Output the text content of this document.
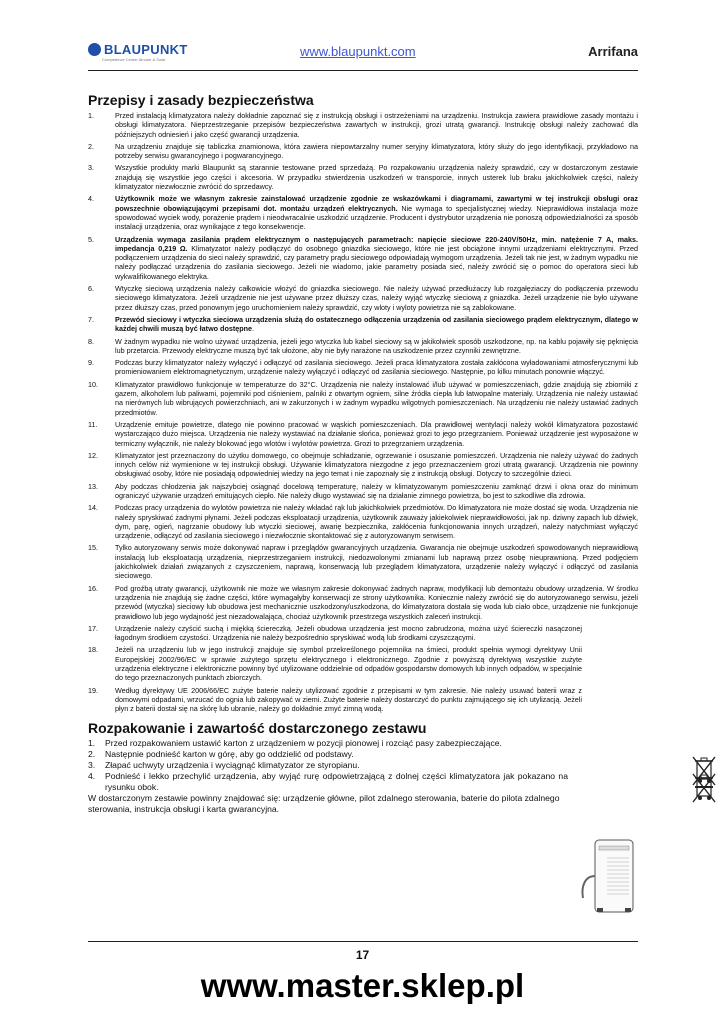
BLAUPUNKT
Competence Center Aircare & Solar
www.blaupunkt.com	Arrifana
Przepisy i zasady bezpieczeństwa
1.	Przed instalacją klimatyzatora należy dokładnie zapoznać się z instrukcją obsługi i ostrzeżeniami na urządzeniu. Instrukcja zawiera prawidłowe zasady montażu i obsługi klimatyzatora. Nieprzestrzeganie przepisów bezpieczeństwa zawartych w instrukcji, grozi utratą gwarancji. Instrukcję obsługi należy zachować dla późniejszych odniesień i jako część gwarancji urządzenia.
2.	Na urządzeniu znajduje się tabliczka znamionowa, która zawiera niepowtarzalny numer seryjny klimatyzatora, który służy do jego identyfikacji, przykładowo na potrzeby serwisu gwarancyjnego i pogwarancyjnego.
3.	Wszystkie produkty marki Blaupunkt są starannie testowane przed sprzedażą. Po rozpakowaniu urządzenia należy sprawdzić, czy w dostarczonym zestawie znajdują się wszystkie jego części i akcesoria. W przypadku stwierdzenia uszkodzeń w transporcie, innych usterek lub braku jakichkolwiek części, należy klimatyzator niezwłocznie zwrócić do sprzedawcy.
4.	Użytkownik może we własnym zakresie zainstalować urządzenie zgodnie ze wskazówkami i diagramami, zawartymi w tej instrukcji obsługi oraz powszechnie obowiązującymi przepisami dot. montażu urządzeń elektrycznych. Nie wymaga to specjalistycznej wiedzy. Nieprawidłowa instalacja może spowodować wyciek wody, porażenie prądem i nieodwracalnie uszkodzić urządzenie. Producent i dystrybutor urządzenia nie ponoszą odpowiedzialności za sposób instalacji urządzenia, oraz wynikające z tego konsekwencje.
5.	Urządzenia wymaga zasilania prądem elektrycznym o następujących parametrach: napięcie sieciowe 220-240V/50Hz, min. natężenie 7 A, maks. impedancja 0,219 Ω. Klimatyzator należy podłączyć do osobnego gniazdka sieciowego, które nie jest obciążone innymi urządzeniami elektrycznymi. Przed podłączeniem urządzenia do sieci należy sprawdzić, czy parametry prądu sieciowego odpowiadają wymogom urządzenia. Jeżeli tak nie jest, w żadnym wypadku nie należy podłączać urządzenia do zasilania sieciowego. Jeżeli nie wiadomo, jakie parametry posiada sieć, należy zwrócić się o pomoc do operatora sieci lub wykwalifikowanego elektryka.
6.	Wtyczkę sieciową urządzenia należy całkowicie włożyć do gniazdka sieciowego. Nie należy używać przedłużaczy lub rozgałęziaczy do podłączenia przewodu sieciowego klimatyzatora. Jeżeli urządzenie nie jest używane przez dłuższy czas, należy wyjąć wtyczkę sieciową z gniazdka. Jeżeli urządzenie nie było używane przez dłuższy czas, przed ponownym jego uruchomieniem należy sprawdzić, czy wloty i wyloty powietrza nie są zablokowane.
7.	Przewód sieciowy i wtyczka sieciowa urządzenia służą do ostatecznego odłączenia urządzenia od zasilania sieciowego prądem elektrycznym, dlatego w każdej chwili muszą być łatwo dostępne.
8.	W żadnym wypadku nie wolno używać urządzenia, jeżeli jego wtyczka lub kabel sieciowy są w jakikolwiek sposób uszkodzone, np. na kablu pojawiły się pęknięcia lub przetarcia. Przewody elektryczne muszą być tak ułożone, aby nie były narażone na uszkodzenie przez czynniki zewnętrzne.
9.	Podczas burzy klimatyzator należy wyłączyć i odłączyć od zasilania sieciowego. Jeżeli praca klimatyzatora została zakłócona wyładowaniami atmosferycznymi lub promieniowaniem elektromagnetycznym, urządzenie należy wyłączyć i odłączyć od zasilania sieciowego. Następnie, po kilku minutach ponownie włączyć.
10. Klimatyzator prawidłowo funkcjonuje w temperaturze do 32°C. Urządzenia nie należy instalować i/lub używać w pomieszczeniach, gdzie znajdują się zbiorniki z gazem, alkoholem lub paliwami, pojemniki pod ciśnieniem, palniki z otwartym ogniem, silne źródła ciepła lub łatwopalne materiały. Urządzenia nie należy ustawiać na nierównych lub wibrujących powierzchniach, ani w zakurzonych i w żadnym wypadku wilgotnych pomieszczeniach. Na urządzeniu nie należy ustawiać żadnych przedmiotów.
11. Urządzenie emituje powietrze, dlatego nie powinno pracować w wąskich pomieszczeniach. Dla prawidłowej wentylacji należy wokół klimatyzatora pozostawić wystarczająco dużo miejsca. Urządzenia nie należy wystawiać na działanie słońca, ponieważ grozi to jego przegrzaniem. Ponieważ urządzenie jest wyposażone w termiczny wyłącznik, nie należy blokować jego wlotów i wylotów powietrza. Grozi to przegrzaniem urządzenia.
12. Klimatyzator jest przeznaczony do użytku domowego, co obejmuje schładzanie, ogrzewanie i osuszanie pomieszczeń. Urządzenia nie należy używać do żadnych innych celów niż wymienione w tej instrukcji obsługi. Używanie klimatyzatora niezgodne z jego przeznaczeniem grozi utratą gwarancji. Urządzenia nie powinny obsługiwać osoby, które nie posiadają odpowiedniej wiedzy na jego temat i nie zapoznały się z instrukcją obsługi. Dotyczy to szczególnie dzieci.
13. Aby podczas chłodzenia jak najszybciej osiągnąć docelową temperaturę, należy w klimatyzowanym pomieszczeniu zamknąć drzwi i okna oraz do minimum ograniczyć używanie urządzeń emitujących ciepło. Nie należy długo wystawiać się na działanie zimnego powietrza, bo jest to szkodliwe dla zdrowia.
14. Podczas pracy urządzenia do wylotów powietrza nie należy wkładać rąk lub jakichkolwiek przedmiotów. Do klimatyzatora nie może dostać się woda. Urządzenia nie należy spryskiwać żadnymi płynami. Jeżeli podczas eksploatacji urządzenia, użytkownik zauważy jakiekolwiek nieprawidłowości, jak np. dziwny zapach lub dźwięk, dym, parę, ogień, nagrzanie obudowy lub wtyczki sieciowej, awarię bezpiecznika, zakłócenia funkcjonowania innych urządzeń, należy natychmiast wyłączyć urządzenie, odłączyć od zasilania sieciowego i niezwłocznie skontaktować się z autoryzowanym serwisem.
15. Tylko autoryzowany serwis może dokonywać napraw i przeglądów gwarancyjnych urządzenia. Gwarancja nie obejmuje uszkodzeń spowodowanych nieprawidłową instalacją lub eksploatacją urządzenia, nieprzestrzeganiem instrukcji, niedozwolonymi zmianami lub naprawą przez osobę nieuprawnioną. Przed podjęciem jakichkolwiek działań związanych z czyszczeniem, naprawą, konserwacją lub przeglądem klimatyzatora, urządzenie należy wyłączyć i odłączyć od zasilania sieciowego.
16. Pod groźbą utraty gwarancji, użytkownik nie może we własnym zakresie dokonywać żadnych napraw, modyfikacji lub demontażu obudowy urządzenia. W środku urządzenia nie znajdują się żadne części, które wymagałyby konserwacji ze strony użytkownika. Koniecznie należy zwrócić się do autoryzowanego serwisu, jeżeli przewód (wtyczka) sieciowy lub obudowa jest mechanicznie uszkodzony/uszkodzona, do klimatyzatora dostała się woda lub ciało obce, urządzenie nie funkcjonuje prawidłowo lub jego wydajność jest niezadowalająca, chociaż użytkownik przestrzega wszystkich zaleceń instrukcji.
17. Urządzenie należy czyścić suchą i miękką ściereczką. Jeżeli obudowa urządzenia jest mocno zabrudzona, można użyć ściereczki nasączonej łagodnym środkiem czystości. Urządzenia nie należy bezpośrednio spryskiwać wodą lub środkami czyszczącymi.
18. Jeżeli na urządzeniu lub w jego instrukcji znajduje się symbol przekreślonego pojemnika na śmieci, produkt spełnia wymogi dyrektywy Unii Europejskiej 2002/96/EC w sprawie zużytego sprzętu elektrycznego i elektronicznego. Zgodnie z powyższą dyrektywą wszystkie zużyte urządzenia elektryczne i elektroniczne powinny być utylizowane oddzielnie od odpadów gospodarstw domowych lub innych odpadów, w specjalnie do tego przeznaczonych punktach zbiorczych.
19. Według dyrektywy UE 2006/66/EC zużyte baterie należy utylizować zgodnie z przepisami w tym zakresie. Nie należy usuwać baterii wraz z domowymi odpadami, wrzucać do ognia lub zakopywać w ziemi. Zużyte baterie należy dostarczyć do punktu zajmującego się ich utylizacją. Jeżeli płyn z baterii dostał się na skórę lub ubranie, należy go dokładnie zmyć zimną wodą.
Rozpakowanie i zawartość dostarczonego zestawu
1. Przed rozpakowaniem ustawić karton z urządzeniem w pozycji pionowej i rozciąć pasy zabezpieczające.
2. Następnie podnieść karton w górę, aby go oddzielić od podstawy.
3. Złapać uchwyty urządzenia i wyciągnąć klimatyzator ze styropianu.
4. Podnieść i lekko przechylić urządzenia, aby wyjąć rurę odpowietrzającą z dolnej części klimatyzatora jak pokazano na rysunku obok.

W dostarczonym zestawie powinny znajdować się: urządzenie główne, pilot zdalnego sterowania, baterie do pilota zdalnego sterowania, instrukcja obsługi i karta gwarancyjna.

17
www.master.sklep.pl
